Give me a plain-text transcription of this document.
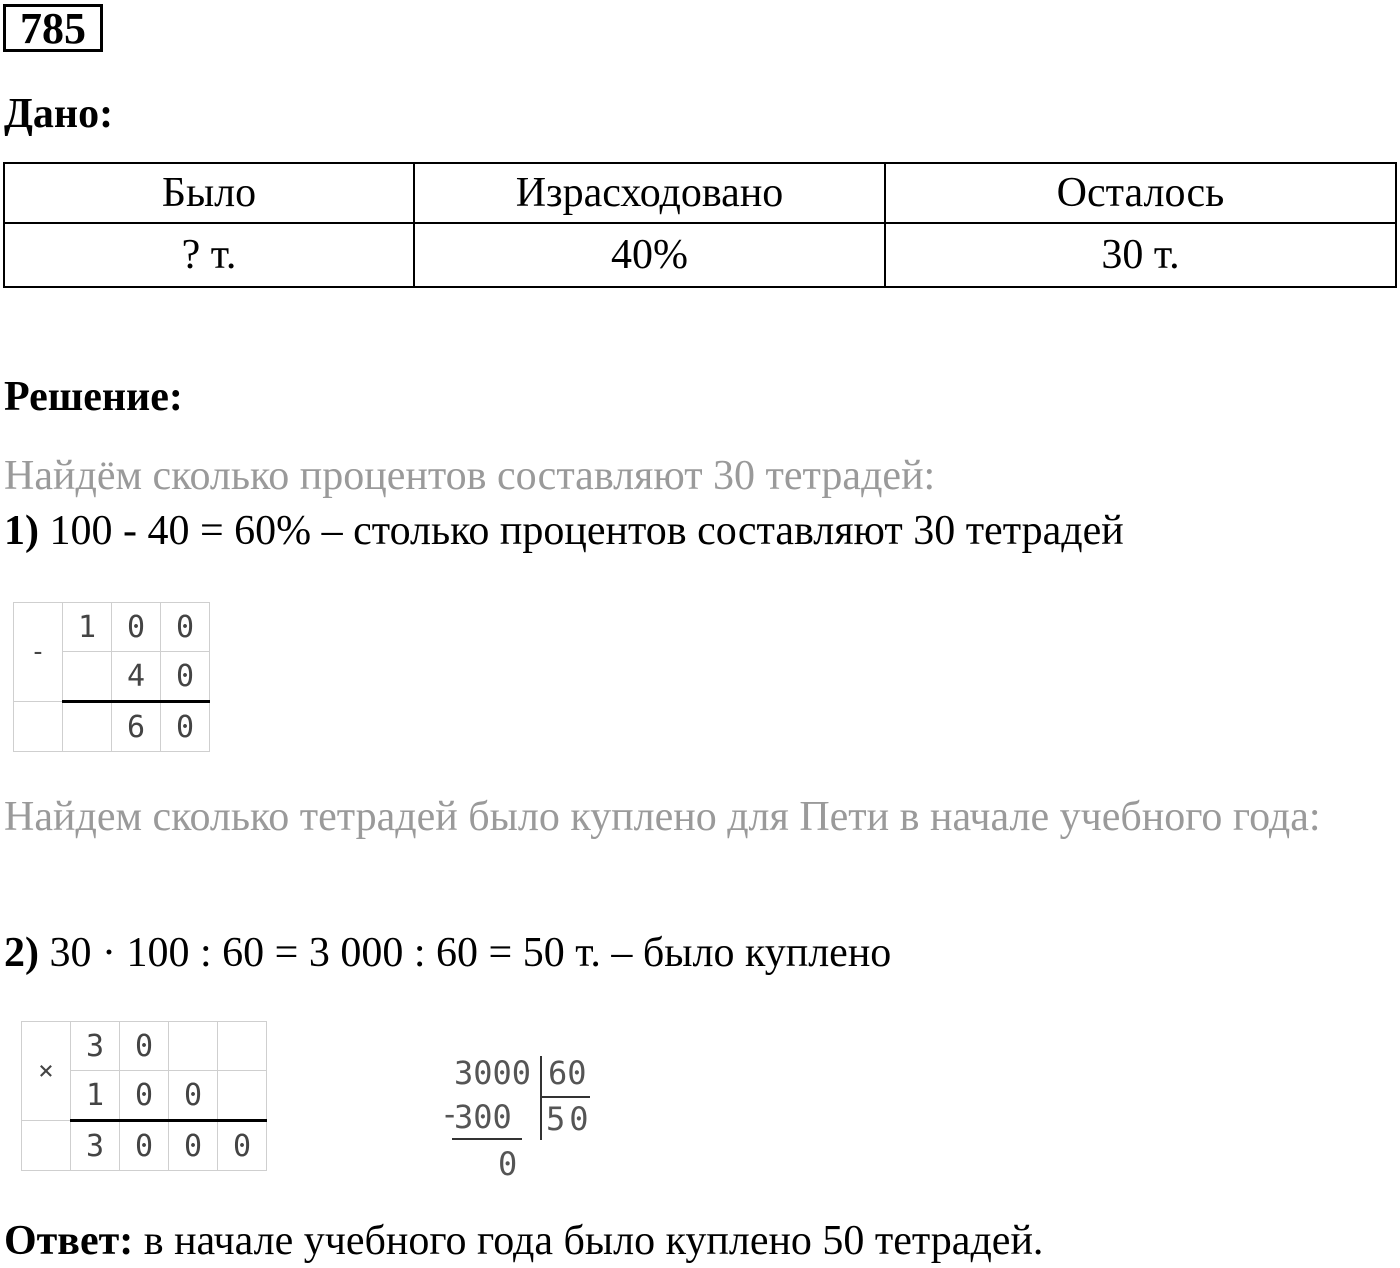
785
Дано:
Было	Израсходовано	Осталось
? т.	40%	30 т.
Решение:
Найдём сколько процентов составляют 30 тетрадей:
1) 100 - 40 = 60% – столько процентов составляют 30 тетрадей
-	1	0	0
		4	0
		6	0
Найдем сколько тетрадей было куплено для Пети в начале учебного года:
2) 30 · 100 : 60 = 3 000 : 60 = 50 т. – было куплено
×	3	0		
	1	0	0	
	3	0	0	0
-
3000 60
300 50
0
Ответ: в начале учебного года было куплено 50 тетрадей.
